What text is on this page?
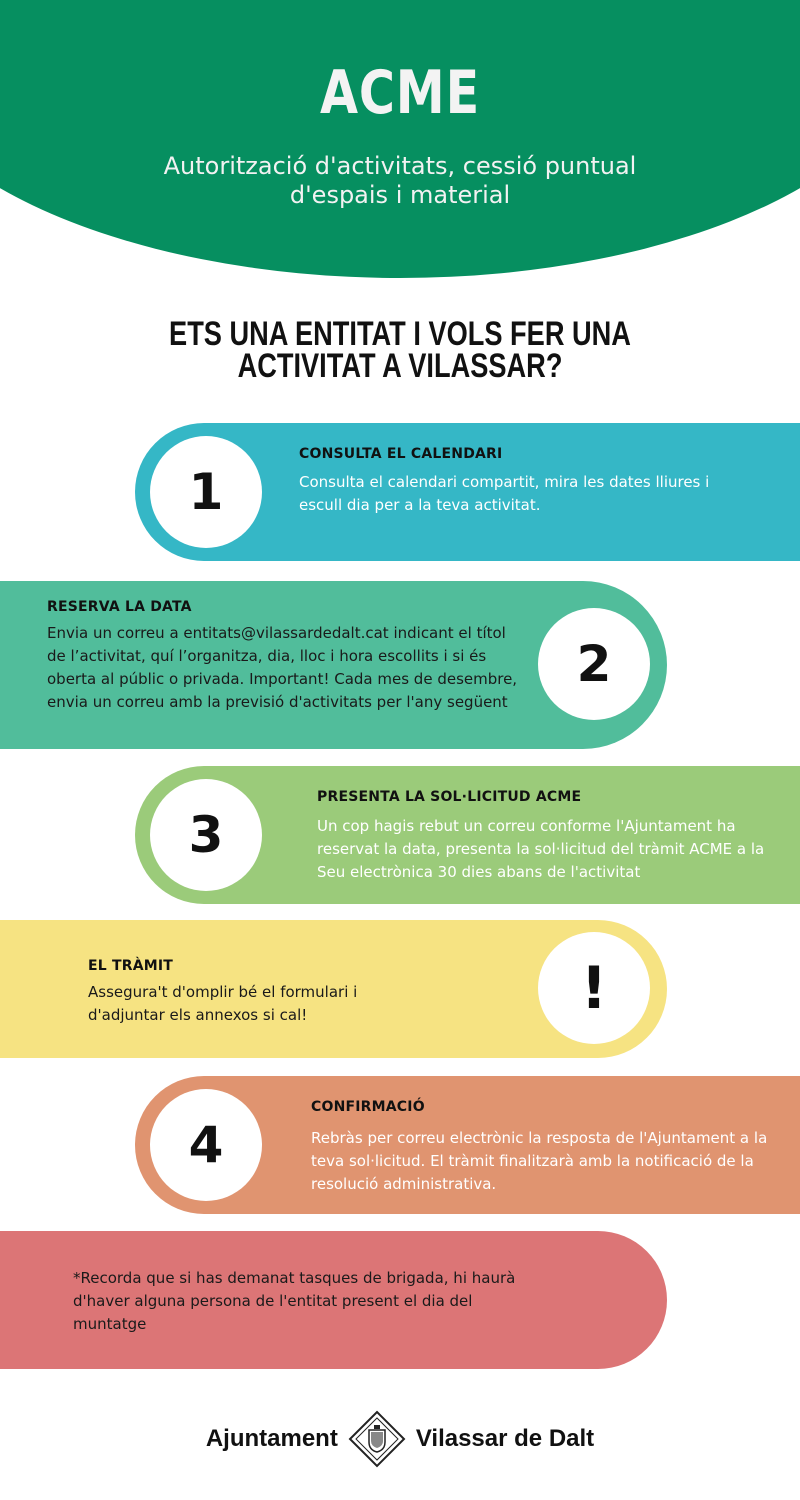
ACME
Autorització d'activitats, cessió puntual d'espais i material
ETS UNA ENTITAT I VOLS FER UNA ACTIVITAT A VILASSAR?
1
CONSULTA EL CALENDARI
Consulta el calendari compartit, mira les dates lliures i escull dia per a la teva activitat.
2
RESERVA LA DATA
Envia un correu a entitats@vilassardedalt.cat indicant el títol de l’activitat, quí l’organitza, dia, lloc i hora escollits i si és oberta al públic o privada. Important! Cada mes de desembre, envia un correu amb la previsió d'activitats per l'any següent
3
PRESENTA LA SOL·LICITUD ACME
Un cop hagis rebut un correu conforme l'Ajuntament ha reservat la data, presenta la sol·licitud del tràmit ACME a la Seu electrònica 30 dies abans de l'activitat
!
EL TRÀMIT
Assegura't d'omplir bé el formulari i d'adjuntar els annexos si cal!
4
CONFIRMACIÓ
Rebràs per correu electrònic la resposta de l'Ajuntament a la teva sol·licitud. El tràmit finalitzarà amb la notificació de la resolució administrativa.
*Recorda que si has demanat tasques de brigada, hi haurà d'haver alguna persona de l'entitat present el dia del muntatge
Ajuntament	Vilassar de Dalt
